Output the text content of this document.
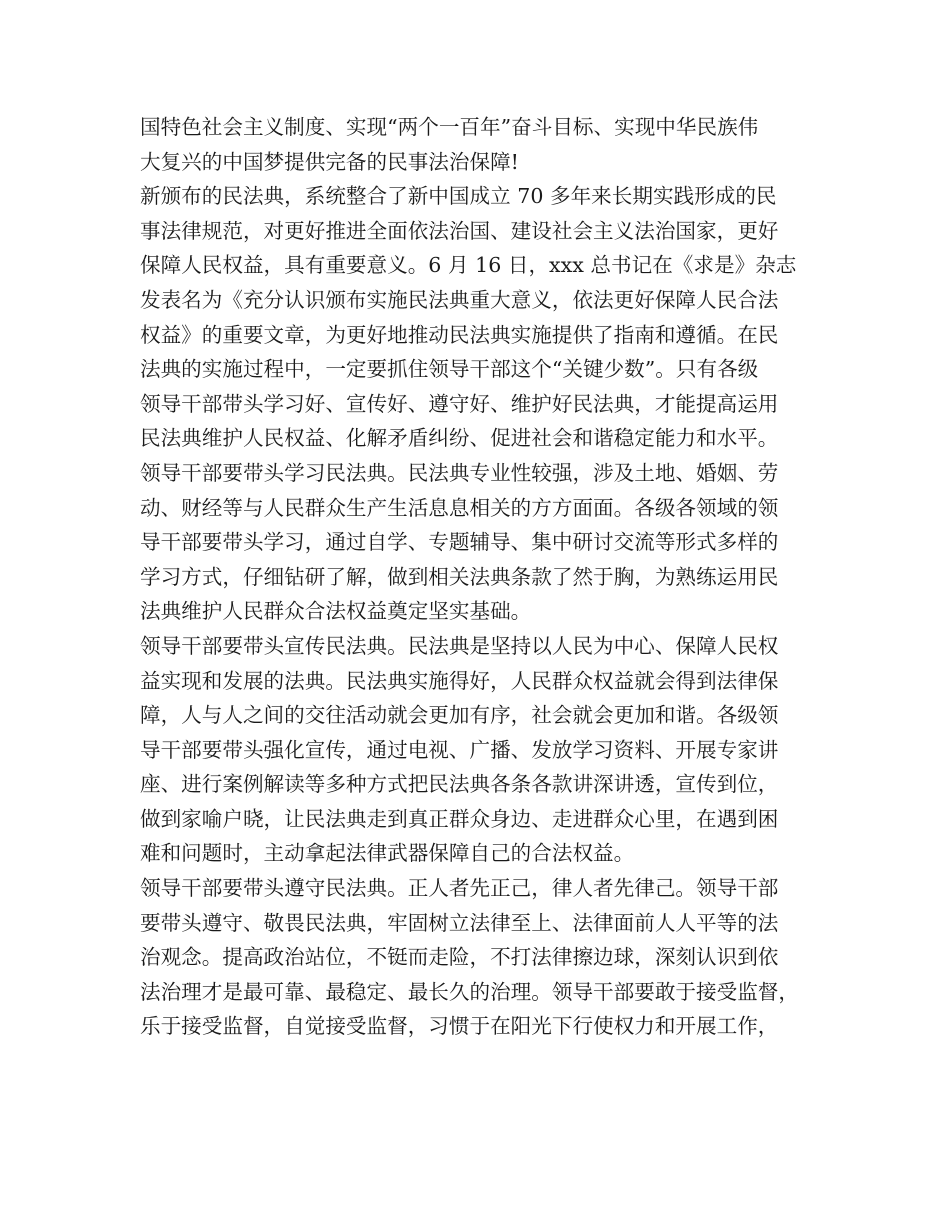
国特色社会主义制度、实现“两个一百年”奋斗目标、实现中华民族伟
大复兴的中国梦提供完备的民事法治保障!
新颁布的民法典，系统整合了新中国成立 70 多年来长期实践形成的民
事法律规范，对更好推进全面依法治国、建设社会主义法治国家，更好
保障人民权益，具有重要意义。6 月 16 日，xxx 总书记在《求是》杂志
发表名为《充分认识颁布实施民法典重大意义，依法更好保障人民合法
权益》的重要文章，为更好地推动民法典实施提供了指南和遵循。在民
法典的实施过程中，一定要抓住领导干部这个“关键少数”。只有各级
领导干部带头学习好、宣传好、遵守好、维护好民法典，才能提高运用
民法典维护人民权益、化解矛盾纠纷、促进社会和谐稳定能力和水平。
领导干部要带头学习民法典。民法典专业性较强，涉及土地、婚姻、劳
动、财经等与人民群众生产生活息息相关的方方面面。各级各领域的领
导干部要带头学习，通过自学、专题辅导、集中研讨交流等形式多样的
学习方式，仔细钻研了解，做到相关法典条款了然于胸，为熟练运用民
法典维护人民群众合法权益奠定坚实基础。
领导干部要带头宣传民法典。民法典是坚持以人民为中心、保障人民权
益实现和发展的法典。民法典实施得好，人民群众权益就会得到法律保
障，人与人之间的交往活动就会更加有序，社会就会更加和谐。各级领
导干部要带头强化宣传，通过电视、广播、发放学习资料、开展专家讲
座、进行案例解读等多种方式把民法典各条各款讲深讲透，宣传到位，
做到家喻户晓，让民法典走到真正群众身边、走进群众心里，在遇到困
难和问题时，主动拿起法律武器保障自己的合法权益。
领导干部要带头遵守民法典。正人者先正己，律人者先律己。领导干部
要带头遵守、敬畏民法典，牢固树立法律至上、法律面前人人平等的法
治观念。提高政治站位，不铤而走险，不打法律擦边球，深刻认识到依
法治理才是最可靠、最稳定、最长久的治理。领导干部要敢于接受监督，
乐于接受监督，自觉接受监督，习惯于在阳光下行使权力和开展工作，
